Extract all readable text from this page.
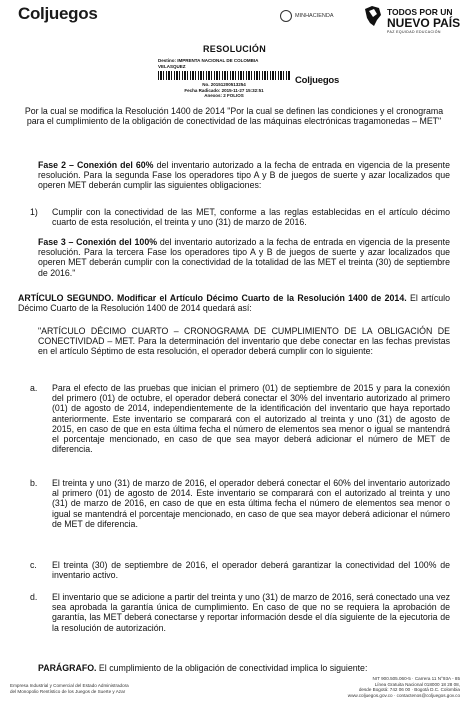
Coljuegos	MINHACIENDA	TODOS POR UN
NUEVO PAÍS
PAZ EQUIDAD EDUCACIÓN
RESOLUCIÓN
Destino: IMPRENTA NACIONAL DE COLOMBIA
VELASQUEZ
No. 20151200513254
Fecha Radicado: 2015-11-27 15:32:51
Anexos: 2 FOLIOS
Coljuegos

Por la cual se modifica la Resolución 1400 de 2014 "Por la cual se definen las condiciones y el cronograma para el cumplimiento de la obligación de conectividad de las máquinas electrónicas tragamonedas – MET"

Fase 2 – Conexión del 60% del inventario autorizado a la fecha de entrada en vigencia de la presente resolución. Para la segunda Fase los operadores tipo A y B de juegos de suerte y azar localizados que operen MET deberán cumplir las siguientes obligaciones:

1)	Cumplir con la conectividad de las MET, conforme a las reglas establecidas en el artículo décimo cuarto de esta resolución, el treinta y uno (31) de marzo de 2016.

Fase 3 – Conexión del 100% del inventario autorizado a la fecha de entrada en vigencia de la presente resolución. Para la tercera Fase los operadores tipo A y B de juegos de suerte y azar localizados que operen MET deberán cumplir con la conectividad de la totalidad de las MET el treinta (30) de septiembre de 2016."

ARTÍCULO SEGUNDO. Modificar el Artículo Décimo Cuarto de la Resolución 1400 de 2014. El artículo Décimo Cuarto de la Resolución 1400 de 2014 quedará así:

"ARTÍCULO DÉCIMO CUARTO – CRONOGRAMA DE CUMPLIMIENTO DE LA OBLIGACIÓN DE CONECTIVIDAD – MET. Para la determinación del inventario que debe conectar en las fechas previstas en el artículo Séptimo de esta resolución, el operador deberá cumplir con lo siguiente:

a.	Para el efecto de las pruebas que inician el primero (01) de septiembre de 2015 y para la conexión del primero (01) de octubre, el operador deberá conectar el 30% del inventario autorizado al primero (01) de agosto de 2014, independientemente de la identificación del inventario que haya reportado anteriormente. Este inventario se comparará con el autorizado al treinta y uno (31) de agosto de 2015, en caso de que en esta última fecha el número de elementos sea menor o igual se mantendrá el porcentaje mencionado, en caso de que sea mayor deberá adicionar el número de MET de diferencia.
b.	El treinta y uno (31) de marzo de 2016, el operador deberá conectar el 60% del inventario autorizado al primero (01) de agosto de 2014. Este inventario se comparará con el autorizado al treinta y uno (31) de marzo de 2016, en caso de que en esta última fecha el número de elementos sea menor o igual se mantendrá el porcentaje mencionado, en caso de que sea mayor deberá adicionar el número de MET de diferencia.
c.	El treinta (30) de septiembre de 2016, el operador deberá garantizar la conectividad del 100% de inventario activo.
d.	El inventario que se adicione a partir del treinta y uno (31) de marzo de 2016, será conectado una vez sea aprobada la garantía única de cumplimiento. En caso de que no se requiera la aprobación de garantía, las MET deberá conectarse y reportar información desde el día siguiente de la ejecutoria de la resolución de autorización.

PARÁGRAFO. El cumplimiento de la obligación de conectividad implica lo siguiente:

Empresa Industrial y Comercial del Estado Administradora
del Monopolio Rentístico de los Juegos de Suerte y Azar
NIT 900.505.060-5 · Carrera 11 N°93A - 85
Línea Gratuita Nacional 018000 18 28 08,
desde Bogotá: 742 06 00 · Bogotá D.C. Colombia
www.coljuegos.gov.co · contactenos@coljuegos.gov.co
